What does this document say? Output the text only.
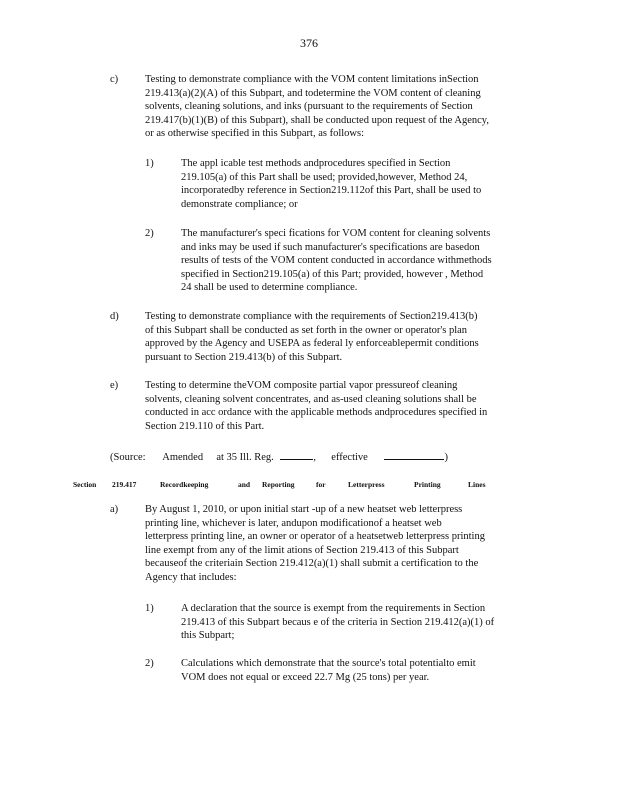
376
c)	Testing to demonstrate compliance with the VOM content limitations inSection
219.413(a)(2)(A) of this Subpart, and todetermine the VOM content of cleaning
solvents, cleaning solutions, and inks (pursuant to the requirements of Section
219.417(b)(1)(B) of this Subpart), shall be conducted upon request of the Agency,
or as otherwise specified in this Subpart, as follows:
1)	The appl icable test methods andprocedures specified in Section
219.105(a) of this Part shall be used; provided,however, Method 24,
incorporatedby reference in Section219.112of this Part, shall be used to
demonstrate compliance; or
2)	The manufacturer's speci fications for VOM content for cleaning solvents
and inks may be used if such manufacturer's specifications are basedon
results of tests of the VOM content conducted in accordance withmethods
specified in Section219.105(a) of this Part; provided, however , Method
24 shall be used to determine compliance.
d)	Testing to demonstrate compliance with the requirements of Section219.413(b)
of this Subpart shall be conducted as set forth in the owner or operator's plan
approved by the Agency and USEPA as federal ly enforceablepermit conditions
pursuant to Section 219.413(b) of this Subpart.
e)	Testing to determine theVOM composite partial vapor pressureof cleaning
solvents, cleaning solvent concentrates, and as-used cleaning solutions shall be
conducted in acc ordance with the applicable methods andprocedures specified in
Section 219.110 of this Part.
(Source: Amended at 35 Ill. Reg.	, effective	)
Section 219.417	Recordkeeping	and Reporting	for	Letterpress	Printing	Lines
a)	By August 1, 2010, or upon initial start -up of a new heatset web letterpress
printing line, whichever is later, andupon modificationof a heatset web
letterpress printing line, an owner or operator of a heatsetweb letterpress printing
line exempt from any of the limit ations of Section 219.413 of this Subpart
becauseof the criteriain Section 219.412(a)(1) shall submit a certification to the
Agency that includes:
1)	A declaration that the source is exempt from the requirements in Section
219.413 of this Subpart becaus e of the criteria in Section 219.412(a)(1) of
this Subpart;
2)	Calculations which demonstrate that the source's total potentialto emit
VOM does not equal or exceed 22.7 Mg (25 tons) per year.
